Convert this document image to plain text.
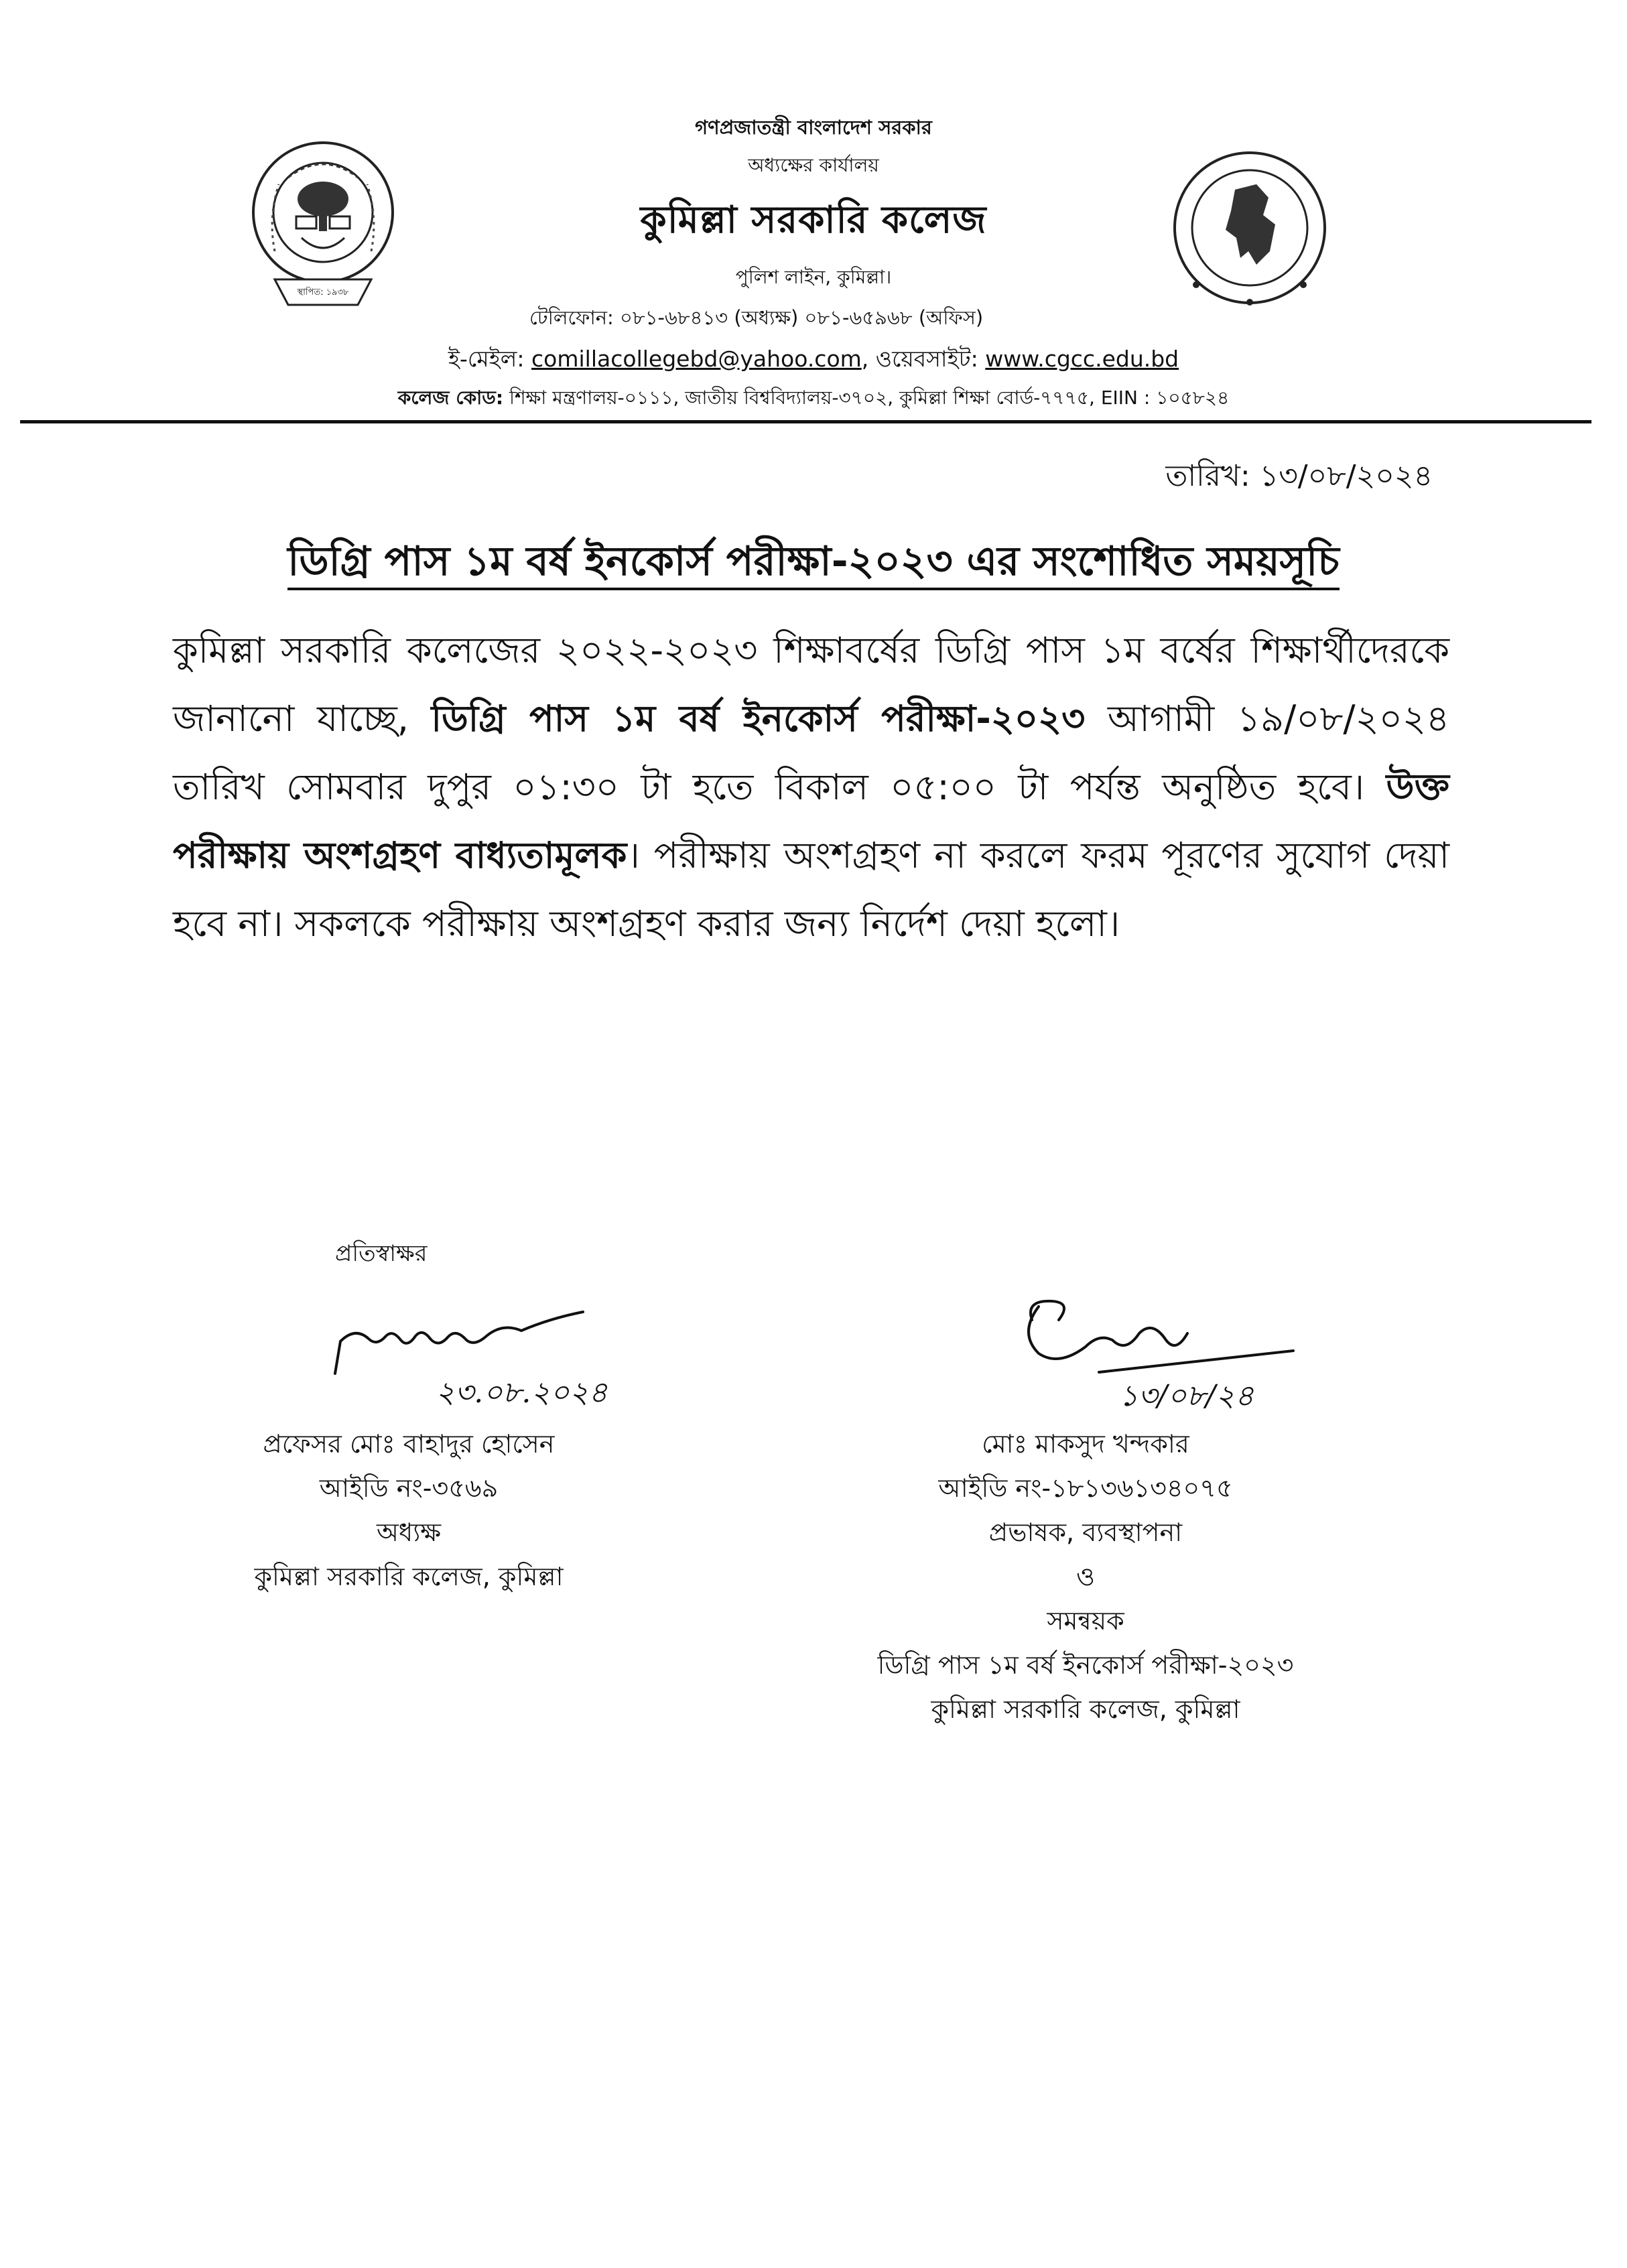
স্থাপিত: ১৯৩৮
গণপ্রজাতন্ত্রী বাংলাদেশ সরকার
অধ্যক্ষের কার্যালয়
কুমিল্লা সরকারি কলেজ
পুলিশ লাইন, কুমিল্লা।
টেলিফোন: ০৮১-৬৮৪১৩ (অধ্যক্ষ) ০৮১-৬৫৯৬৮ (অফিস)
ই-মেইল: comillacollegebd@yahoo.com, ওয়েবসাইট: www.cgcc.edu.bd
কলেজ কোড: শিক্ষা মন্ত্রণালয়-০১১১, জাতীয় বিশ্ববিদ্যালয়-৩৭০২, কুমিল্লা শিক্ষা বোর্ড-৭৭৭৫, EIIN : ১০৫৮২৪
তারিখ: ১৩/০৮/২০২৪
ডিগ্রি পাস ১ম বর্ষ ইনকোর্স পরীক্ষা-২০২৩ এর সংশোধিত সময়সূচি
কুমিল্লা সরকারি কলেজের ২০২২-২০২৩ শিক্ষাবর্ষের ডিগ্রি পাস ১ম বর্ষের শিক্ষার্থীদেরকে জানানো যাচ্ছে, ডিগ্রি পাস ১ম বর্ষ ইনকোর্স পরীক্ষা-২০২৩ আগামী ১৯/০৮/২০২৪ তারিখ সোমবার দুপুর ০১:৩০ টা হতে বিকাল ০৫:০০ টা পর্যন্ত অনুষ্ঠিত হবে। উক্ত পরীক্ষায় অংশগ্রহণ বাধ্যতামূলক। পরীক্ষায় অংশগ্রহণ না করলে ফরম পূরণের সুযোগ দেয়া হবে না। সকলকে পরীক্ষায় অংশগ্রহণ করার জন্য নির্দেশ দেয়া হলো।
প্রতিস্বাক্ষর
২৩.০৮.২০২৪	১৩/০৮/২৪
প্রফেসর মোঃ বাহাদুর হোসেন
আইডি নং-৩৫৬৯
অধ্যক্ষ
কুমিল্লা সরকারি কলেজ, কুমিল্লা
মোঃ মাকসুদ খন্দকার
আইডি নং-১৮১৩৬১৩৪০৭৫
প্রভাষক, ব্যবস্থাপনা
ও
সমন্বয়ক
ডিগ্রি পাস ১ম বর্ষ ইনকোর্স পরীক্ষা-২০২৩
কুমিল্লা সরকারি কলেজ, কুমিল্লা
